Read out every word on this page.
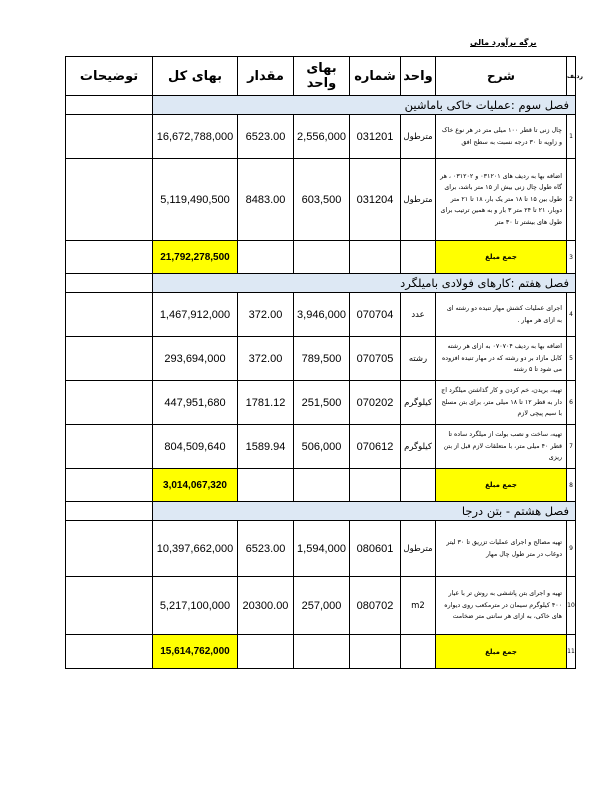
برگه برآورد مالی
توضیحات	بهای کل	مقدار	بهای واحد	شماره	واحد	شرح	ردیف
	فصل سوم :عملیات خاکی باماشین						
	16,672,788,000	6523.00	2,556,000	031201	مترطول	چال زنی تا قطر ۱۰۰ میلی متر در هر نوع خاک و زاویه تا ۳۰ درجه نسبت به سطح افق	1
	5,119,490,500	8483.00	603,500	031204	مترطول	اضافه بها به ردیف های ۰۳۱۲۰۱ و ۰۳۱۲۰۲ ، هر گاه طول چال زنی بیش از ۱۵ متر باشد، برای طول بین ۱۵ تا ۱۸ متر یک بار، ۱۸ تا ۲۱ متر دوبار، ۲۱ تا ۲۴ متر ۳ بار و به همین ترتیب برای طول های بیشتر تا ۳۰ متر	2
	21,792,278,500					جمع مبلغ	3
	فصل هفتم :کارهای فولادی بامیلگرد						
	1,467,912,000	372.00	3,946,000	070704	عدد	اجرای عملیات کشش مهار تنیده دو رشته ای به ازای هر مهار .	4
	293,694,000	372.00	789,500	070705	رشته	اضافه بها به ردیف ۰۷۰۷۰۴ به ازای هر رشته کابل مازاد بر دو رشته که در مهار تنیده افزوده می شود تا ۵ رشته	5
	447,951,680	1781.12	251,500	070202	کیلوگرم	تهیه، بریدن، خم کردن و کار گذاشتن میلگرد اج دار به قطر ۱۲ تا ۱۸ میلی متر، برای بتن مسلح با سیم پیچی لازم	6
	804,509,640	1589.94	506,000	070612	کیلوگرم	تهیه، ساخت و نصب بولت از میلگرد ساده تا قطر ۴۰ میلی متر، با متعلقات لازم قبل از بتن ریزی	7
	3,014,067,320					جمع مبلغ	8
	فصل هشتم - بتن درجا						
	10,397,662,000	6523.00	1,594,000	080601	مترطول	تهیه مصالح و اجرای عملیات تزریق تا ۳۰ لیتر دوغاب در متر طول چال مهار	9
	5,217,100,000	20300.00	257,000	080702	m2	تهیه و اجرای بتن پاششی به روش تر با عیار ۴۰۰ کیلوگرم سیمان در مترمکعب روی دیواره های خاکی، به ازای هر سانتی متر ضخامت	10
	15,614,762,000					جمع مبلغ	11
